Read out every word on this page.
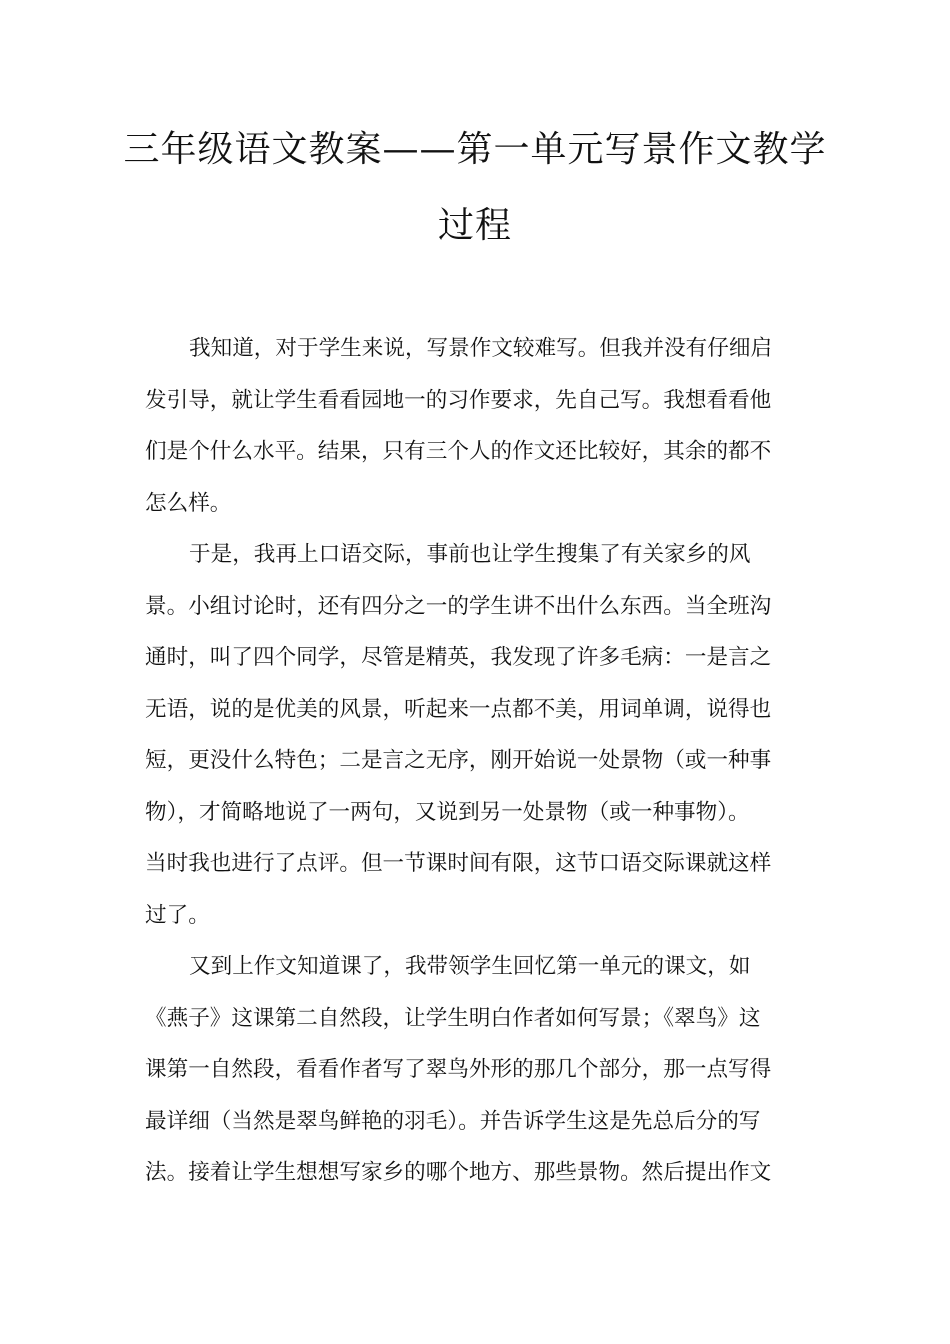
三年级语文教案——第一单元写景作文教学
过程

我知道，对于学生来说，写景作文较难写。但我并没有仔细启

发引导，就让学生看看园地一的习作要求，先自己写。我想看看他

们是个什么水平。结果，只有三个人的作文还比较好，其余的都不

怎么样。

于是，我再上口语交际，事前也让学生搜集了有关家乡的风

景。小组讨论时，还有四分之一的学生讲不出什么东西。当全班沟

通时，叫了四个同学，尽管是精英，我发现了许多毛病：一是言之

无语，说的是优美的风景，听起来一点都不美，用词单调，说得也

短，更没什么特色；二是言之无序，刚开始说一处景物（或一种事

物），才简略地说了一两句，又说到另一处景物（或一种事物）。

当时我也进行了点评。但一节课时间有限，这节口语交际课就这样

过了。

又到上作文知道课了，我带领学生回忆第一单元的课文，如

《燕子》这课第二自然段，让学生明白作者如何写景；《翠鸟》这

课第一自然段，看看作者写了翠鸟外形的那几个部分，那一点写得

最详细（当然是翠鸟鲜艳的羽毛）。并告诉学生这是先总后分的写

法。接着让学生想想写家乡的哪个地方、那些景物。然后提出作文
